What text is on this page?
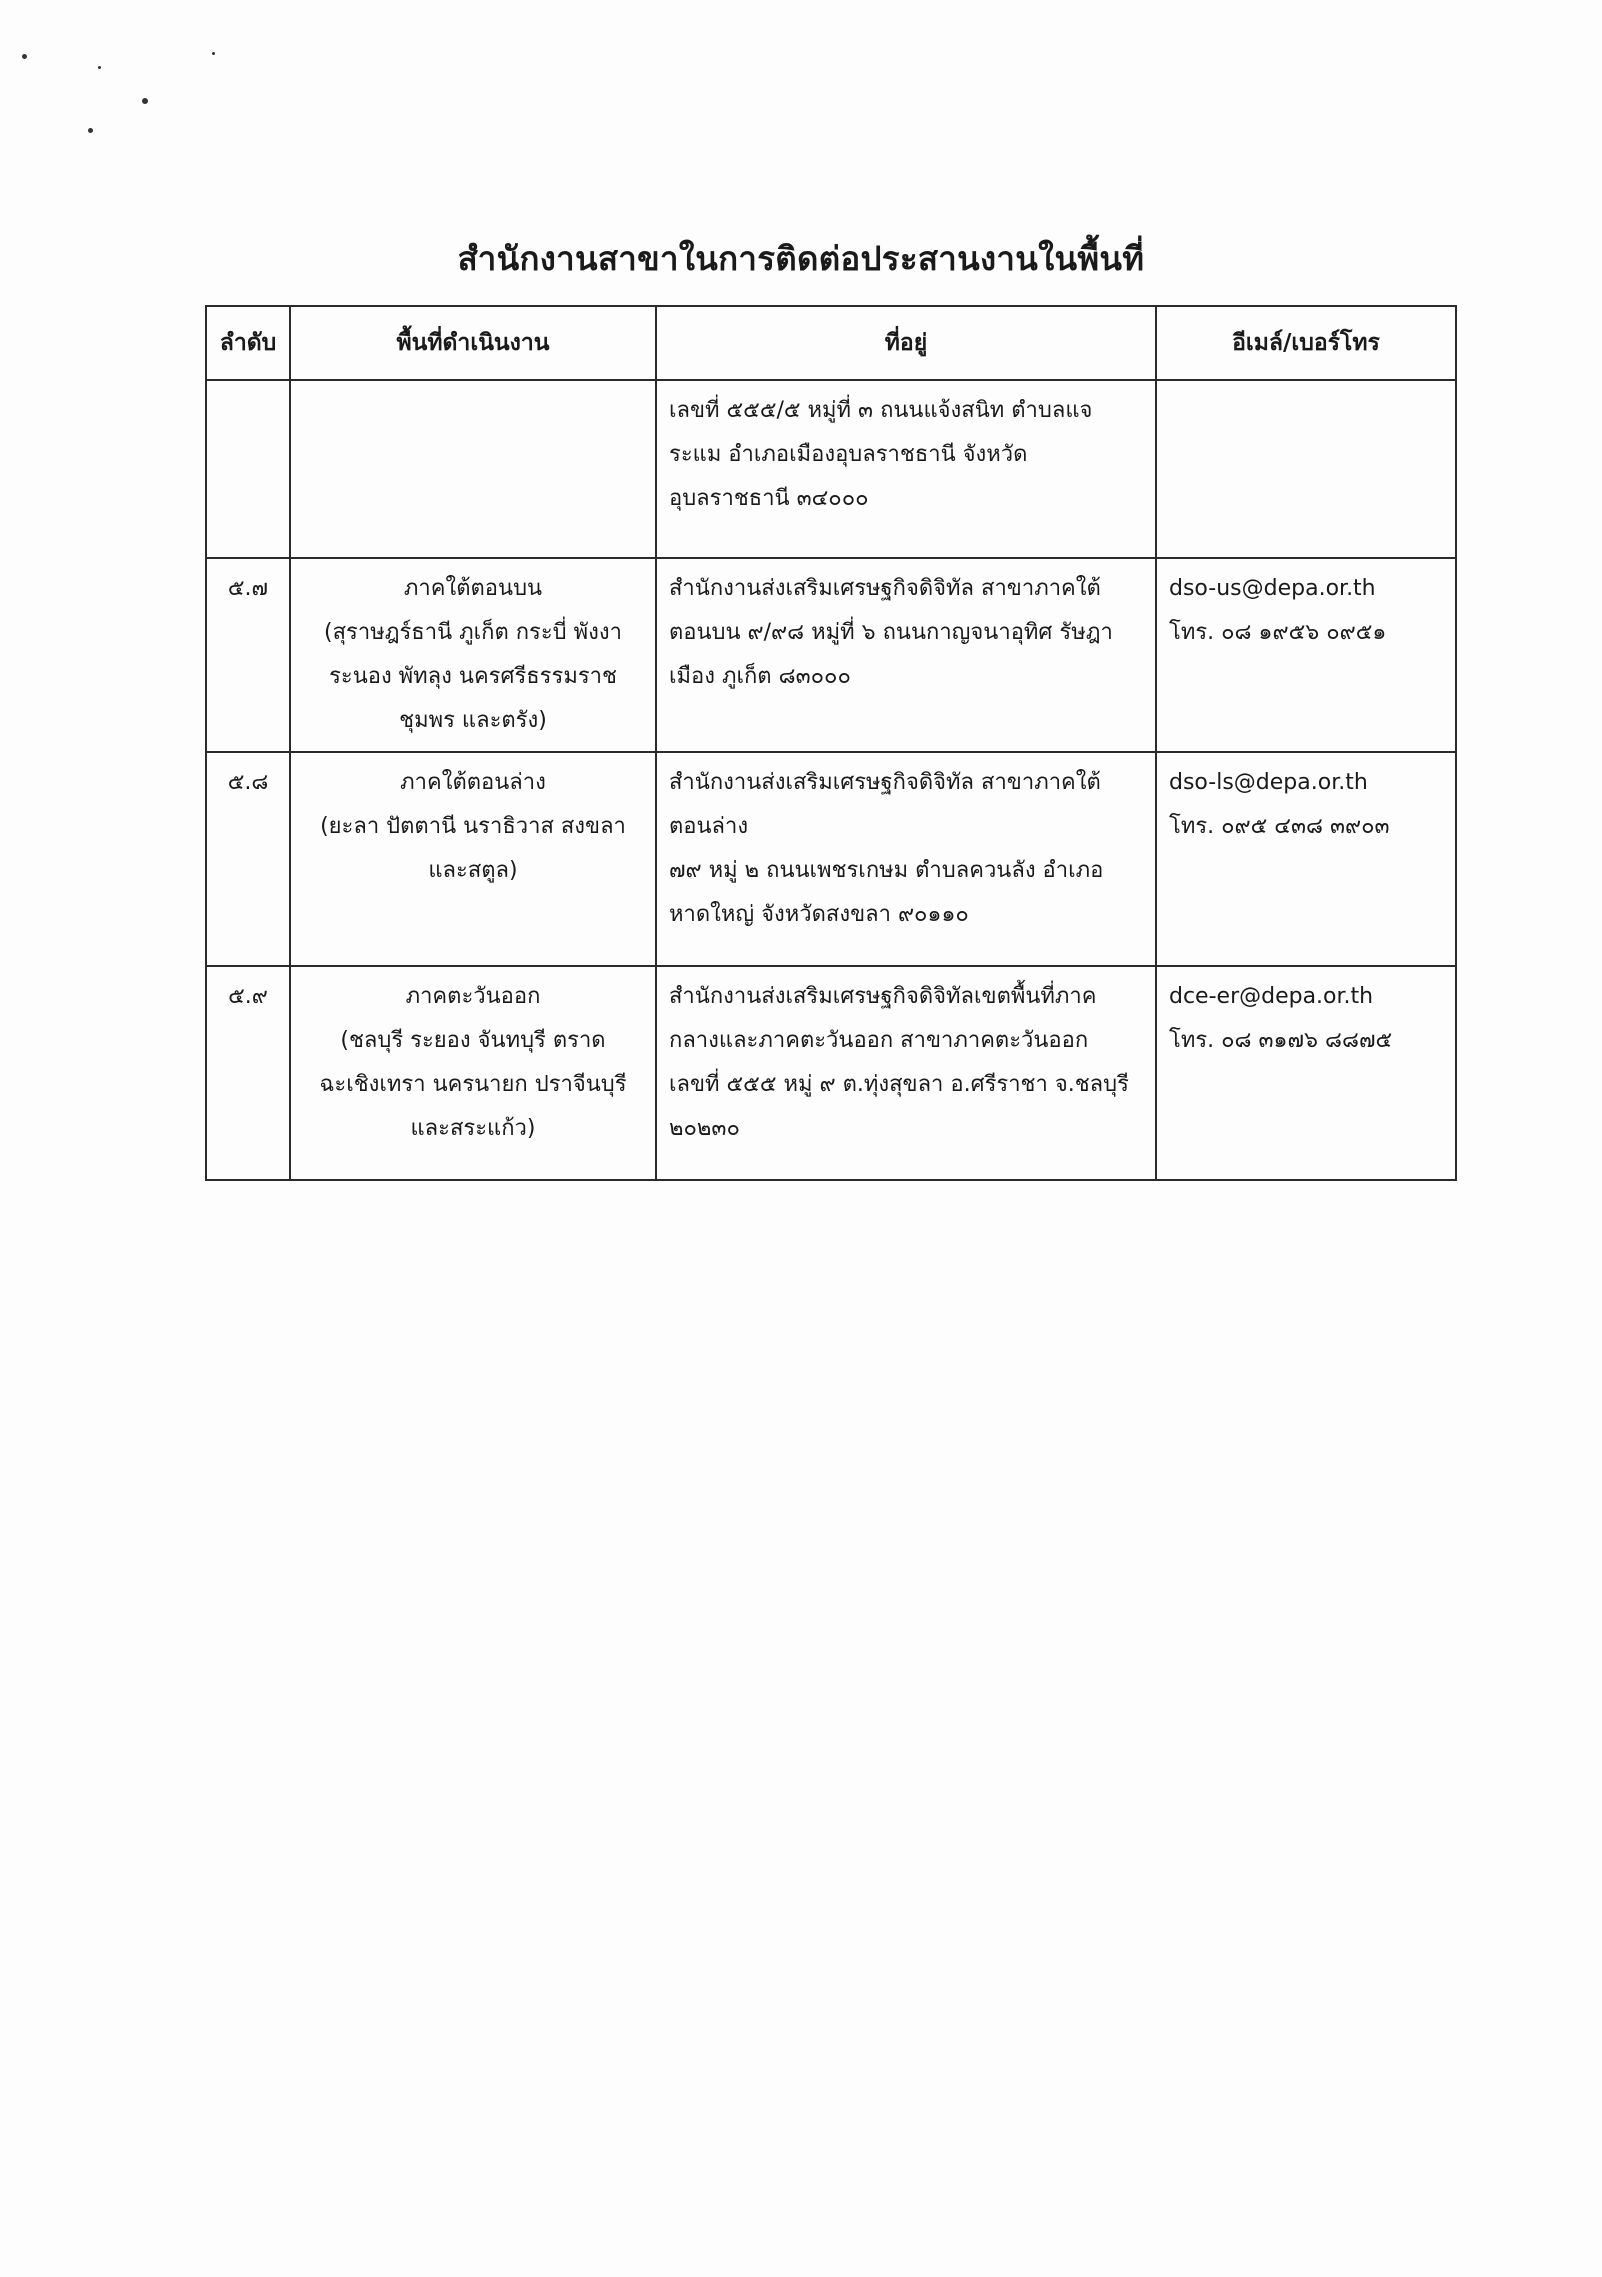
สำนักงานสาขาในการติดต่อประสานงานในพื้นที่
ลำดับ	พื้นที่ดำเนินงาน	ที่อยู่	อีเมล์/เบอร์โทร

		เลขที่ ๕๕๕/๕ หมู่ที่ ๓ ถนนแจ้งสนิท ตำบลแจ
ระแม อำเภอเมืองอุบลราชธานี จังหวัด
อุบลราชธานี ๓๔๐๐๐	

๕.๗	ภาคใต้ตอนบน
(สุราษฎร์ธานี ภูเก็ต กระบี่ พังงา
ระนอง พัทลุง นครศรีธรรมราช
ชุมพร และตรัง)	สำนักงานส่งเสริมเศรษฐกิจดิจิทัล สาขาภาคใต้
ตอนบน ๙/๙๘ หมู่ที่ ๖ ถนนกาญจนาอุทิศ รัษฎา
เมือง ภูเก็ต ๘๓๐๐๐	dso-us@depa.or.th
โทร. ๐๘ ๑๙๕๖ ๐๙๕๑

๕.๘	ภาคใต้ตอนล่าง
(ยะลา ปัตตานี นราธิวาส สงขลา
และสตูล)	สำนักงานส่งเสริมเศรษฐกิจดิจิทัล สาขาภาคใต้
ตอนล่าง
๗๙ หมู่ ๒ ถนนเพชรเกษม ตำบลควนลัง อำเภอ
หาดใหญ่ จังหวัดสงขลา ๙๐๑๑๐	dso-ls@depa.or.th
โทร. ๐๙๕ ๔๓๘ ๓๙๐๓

๕.๙	ภาคตะวันออก
(ชลบุรี ระยอง จันทบุรี ตราด
ฉะเชิงเทรา นครนายก ปราจีนบุรี
และสระแก้ว)	สำนักงานส่งเสริมเศรษฐกิจดิจิทัลเขตพื้นที่ภาค
กลางและภาคตะวันออก สาขาภาคตะวันออก
เลขที่ ๕๕๕ หมู่ ๙ ต.ทุ่งสุขลา อ.ศรีราชา จ.ชลบุรี
๒๐๒๓๐	dce-er@depa.or.th
โทร. ๐๘ ๓๑๗๖ ๘๘๗๕
